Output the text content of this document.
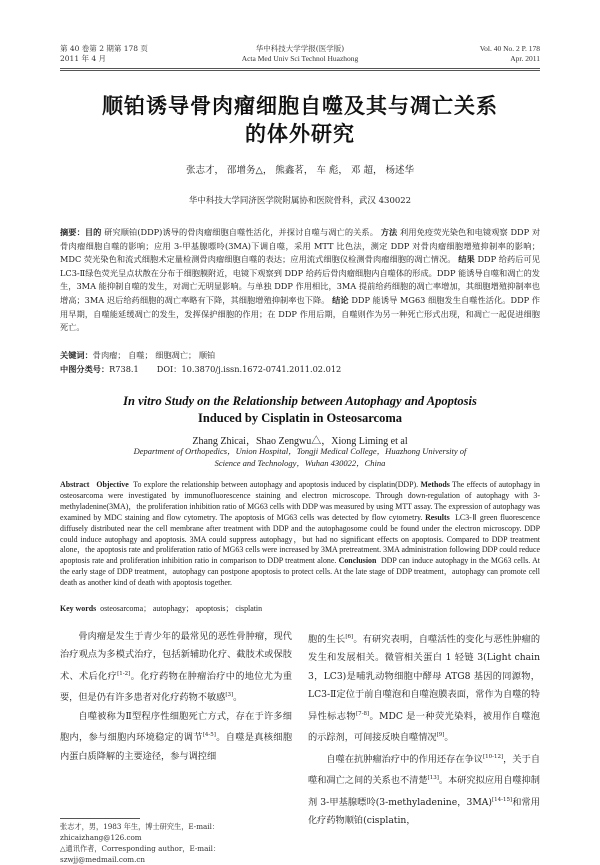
第 40 卷第 2 期第 178 页
2011 年 4 月
华中科技大学学报(医学版)
Acta Med Univ Sci Technol Huazhong
Vol. 40 No. 2 P. 178
Apr. 2011
顺铂诱导骨肉瘤细胞自噬及其与凋亡关系
的体外研究
张志才， 邵增务△， 熊鑫茗， 车 彪， 邓 超， 杨述华
华中科技大学同济医学院附属协和医院骨科，武汉 430022
摘要：目的 研究顺铂(DDP)诱导的骨肉瘤细胞自噬性活化，并探讨自噬与凋亡的关系。 方法 利用免疫荧光染色和电镜观察 DDP 对骨肉瘤细胞自噬的影响；应用 3-甲基腺嘌呤(3MA)下调自噬，采用 MTT 比色法，测定 DDP 对骨肉瘤细胞增殖抑制率的影响；MDC 荧光染色和流式细胞术定量检测骨肉瘤细胞自噬的表达；应用流式细胞仪检测骨肉瘤细胞的凋亡情况。 结果 DDP 给药后可见 LC3-Ⅱ绿色荧光呈点状散在分布于细胞膜附近，电镜下观察到 DDP 给药后骨肉瘤细胞内自噬体的形成。DDP 能诱导自噬和凋亡的发生，3MA 能抑制自噬的发生，对凋亡无明显影响。与单独 DDP 作用相比，3MA 提前给药细胞的凋亡率增加，其细胞增殖抑制率也增高；3MA 迟后给药细胞的凋亡率略有下降，其细胞增殖抑制率也下降。 结论 DDP 能诱导 MG63 细胞发生自噬性活化。DDP 作用早期，自噬能延缓凋亡的发生，发挥保护细胞的作用；在 DDP 作用后期，自噬则作为另一种死亡形式出现，和凋亡一起促进细胞死亡。
关键词：骨肉瘤； 自噬； 细胞凋亡； 顺铂
中图分类号：R738.1 DOI：10.3870/j.issn.1672-0741.2011.02.012
In vitro Study on the Relationship between Autophagy and Apoptosis
Induced by Cisplatin in Osteosarcoma
Zhang Zhicai，Shao Zengwu△，Xiong Liming et al
Department of Orthopedics，Union Hospital，Tongji Medical College，Huazhong University of
Science and Technology，Wuhan 430022，China
Abstract Objective To explore the relationship between autophagy and apoptosis induced by cisplatin(DDP). Methods The effects of autophagy in osteosarcoma were investigated by immunofluorescence staining and electron microscope. Through down-regulation of autophagy with 3-methyladenine(3MA)，the proliferation inhibition ratio of MG63 cells with DDP was measured by using MTT assay. The expression of autophagy was examined by MDC staining and flow cytometry. The apoptosis of MG63 cells was detected by flow cytometry. Results LC3-Ⅱ green fluorescence diffusely distributed near the cell membrane after treatment with DDP and the autophagosome could be found under the electron microscopy. DDP could induce autophagy and apoptosis. 3MA could suppress autophagy，but had no significant effects on apoptosis. Compared to DDP treatment alone，the apoptosis rate and proliferation ratio of MG63 cells were increased by 3MA pretreatment. 3MA administration following DDP could reduce apoptosis rate and proliferation inhibition ratio in comparison to DDP treatment alone. Conclusion DDP can induce autophagy in the MG63 cells. At the early stage of DDP treatment，autophagy can postpone apoptosis to protect cells. At the late stage of DDP treatment，autophagy can promote cell death as another kind of death with apoptosis together.
Key words osteosarcoma； autophagy； apoptosis； cisplatin

骨肉瘤是发生于青少年的最常见的恶性骨肿瘤，现代治疗观点为多模式治疗，包括新辅助化疗、截肢术或保肢术、术后化疗[1-2]。化疗药物在肿瘤治疗中的地位尤为重要，但是仍有许多患者对化疗药物不敏感[3]。

自噬被称为Ⅱ型程序性细胞死亡方式，存在于许多细胞内，参与细胞内环境稳定的调节[4-5]。自噬是真核细胞内蛋白质降解的主要途径，参与调控细

张志才，男，1983 年生，博士研究生，E-mail：zhicaizhang@126.com
△通讯作者，Corresponding author，E-mail：szwjj@medmail.com.cn

胞的生长[6]。有研究表明，自噬活性的变化与恶性肿瘤的发生和发展相关。微管相关蛋白 1 轻链 3(Light chain 3，LC3)是哺乳动物细胞中酵母 ATG8 基因的同源物，LC3-Ⅱ定位于前自噬泡和自噬泡膜表面，常作为自噬的特异性标志物[7-8]。MDC 是一种荧光染料，被用作自噬泡的示踪剂，可间接反映自噬情况[9]。

自噬在抗肿瘤治疗中的作用还存在争议[10-12]，关于自噬和凋亡之间的关系也不清楚[13]。本研究拟应用自噬抑制剂 3-甲基腺嘌呤(3-methyladenine，3MA)[14-15]和常用化疗药物顺铂(cisplatin，
